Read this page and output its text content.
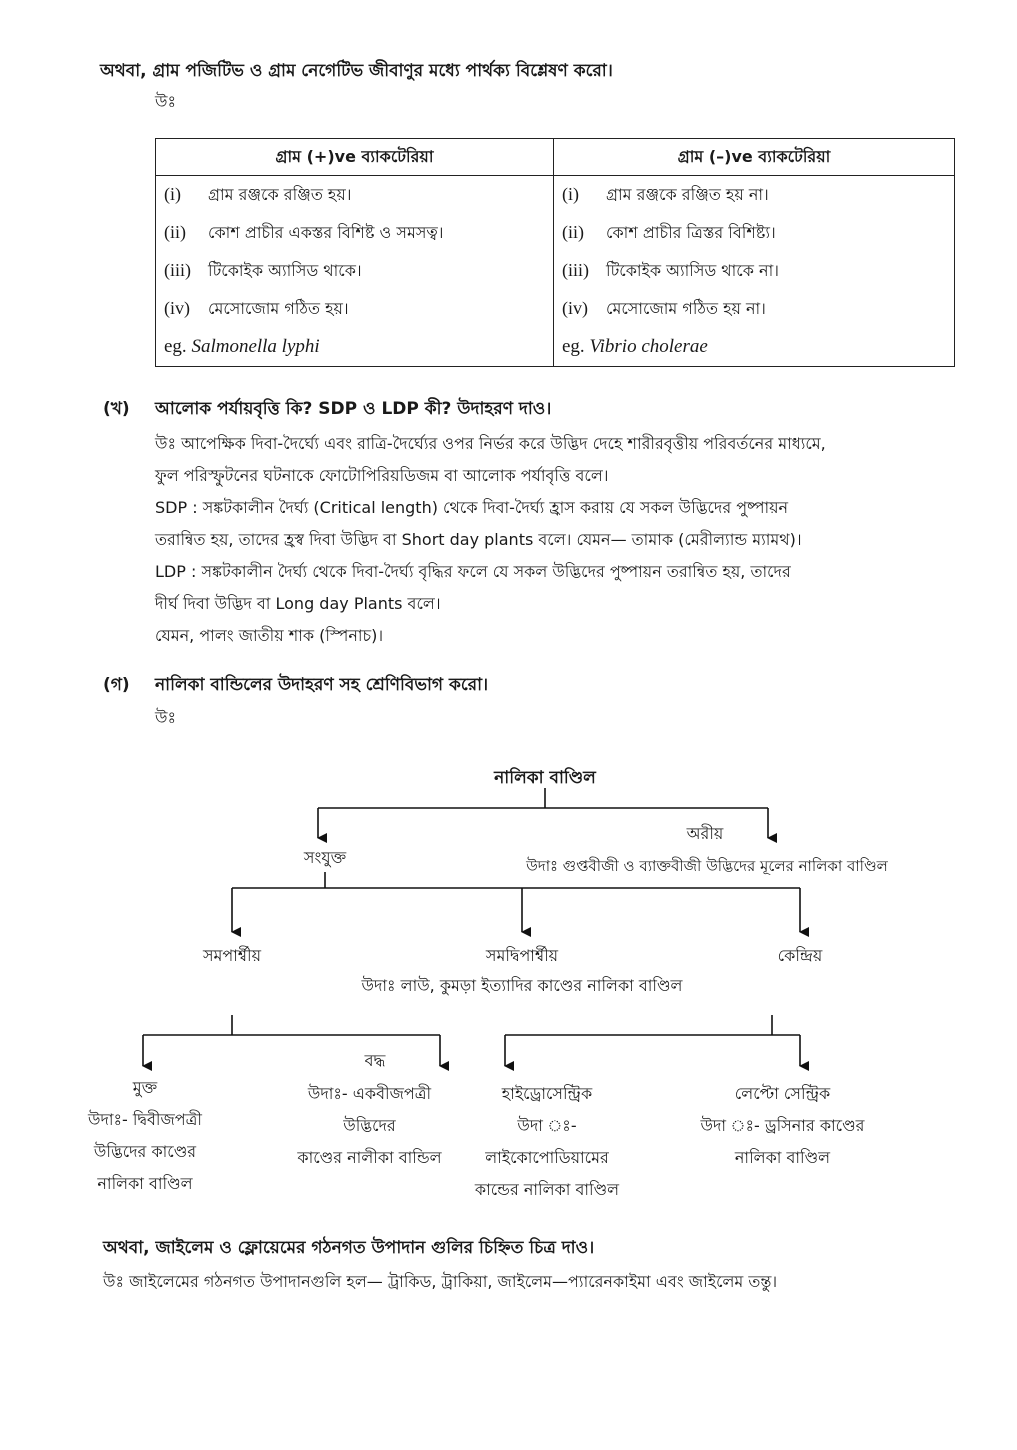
অথবা, গ্রাম পজিটিভ ও গ্রাম নেগেটিভ জীবাণুর মধ্যে পার্থক্য বিশ্লেষণ করো।
উঃ
গ্রাম (+)ve ব্যাকটেরিয়া	গ্রাম (–)ve ব্যাকটেরিয়া
(i) গ্রাম রঞ্জকে রঞ্জিত হয়।	(i) গ্রাম রঞ্জকে রঞ্জিত হয় না।
(ii) কোশ প্রাচীর একস্তর বিশিষ্ট ও সমসত্ব।	(ii) কোশ প্রাচীর ত্রিস্তর বিশিষ্ট্য।
(iii) টিকোইক অ্যাসিড থাকে।	(iii) টিকোইক অ্যাসিড থাকে না।
(iv) মেসোজোম গঠিত হয়।	(iv) মেসোজোম গঠিত হয় না।
eg. Salmonella lyphi	eg. Vibrio cholerae
(খ) আলোক পর্যায়বৃত্তি কি? SDP ও LDP কী? উদাহরণ দাও।
উঃ আপেক্ষিক দিবা-দৈর্ঘ্যে এবং রাত্রি-দৈর্ঘ্যের ওপর নির্ভর করে উদ্ভিদ দেহে শারীরবৃত্তীয় পরিবর্তনের মাধ্যমে,
ফুল পরিস্ফুটনের ঘটনাকে ফোটোপিরিয়ডিজম বা আলোক পর্যাবৃত্তি বলে।
SDP : সঙ্কটকালীন দৈর্ঘ্য (Critical length) থেকে দিবা-দৈর্ঘ্য হ্রাস করায় যে সকল উদ্ভিদের পুষ্পায়ন
তরান্বিত হয়, তাদের হ্রস্ব দিবা উদ্ভিদ বা Short day plants বলে। যেমন— তামাক (মেরীল্যান্ড ম্যামথ)।
LDP : সঙ্কটকালীন দৈর্ঘ্য থেকে দিবা-দৈর্ঘ্য বৃদ্ধির ফলে যে সকল উদ্ভিদের পুষ্পায়ন তরান্বিত হয়, তাদের
দীর্ঘ দিবা উদ্ভিদ বা Long day Plants বলে।
যেমন, পালং জাতীয় শাক (স্পিনাচ)।
(গ) নালিকা বান্ডিলের উদাহরণ সহ শ্রেণিবিভাগ করো।
উঃ
নালিকা বাণ্ডিল
সংযুক্ত
অরীয়
উদাঃ গুপ্তবীজী ও ব্যাক্তবীজী উদ্ভিদের মূলের নালিকা বাণ্ডিল
সমপার্শ্বীয়	সমদ্বিপার্শ্বীয়
উদাঃ লাউ, কুমড়া ইত্যাদির কাণ্ডের নালিকা বাণ্ডিল
কেন্দ্রিয়
মুক্ত
উদাঃ- দ্বিবীজপত্রী
উদ্ভিদের কাণ্ডের
নালিকা বাণ্ডিল
বদ্ধ
উদাঃ- একবীজপত্রী
উদ্ভিদের
কাণ্ডের নালীকা বান্ডিল
হাইড্রোসেন্ট্রিক
উদা ঃ-
লাইকোপোডিয়ামের
কান্ডের নালিকা বাণ্ডিল
লেপ্টো সেন্ট্রিক
উদা ঃ- ড্রসিনার কাণ্ডের
নালিকা বাণ্ডিল
অথবা, জাইলেম ও ফ্লোয়েমের গঠনগত উপাদান গুলির চিহ্নিত চিত্র দাও।
উঃ জাইলেমের গঠনগত উপাদানগুলি হল— ট্রাকিড, ট্রাকিয়া, জাইলেম—প্যারেনকাইমা এবং জাইলেম তন্তু।
